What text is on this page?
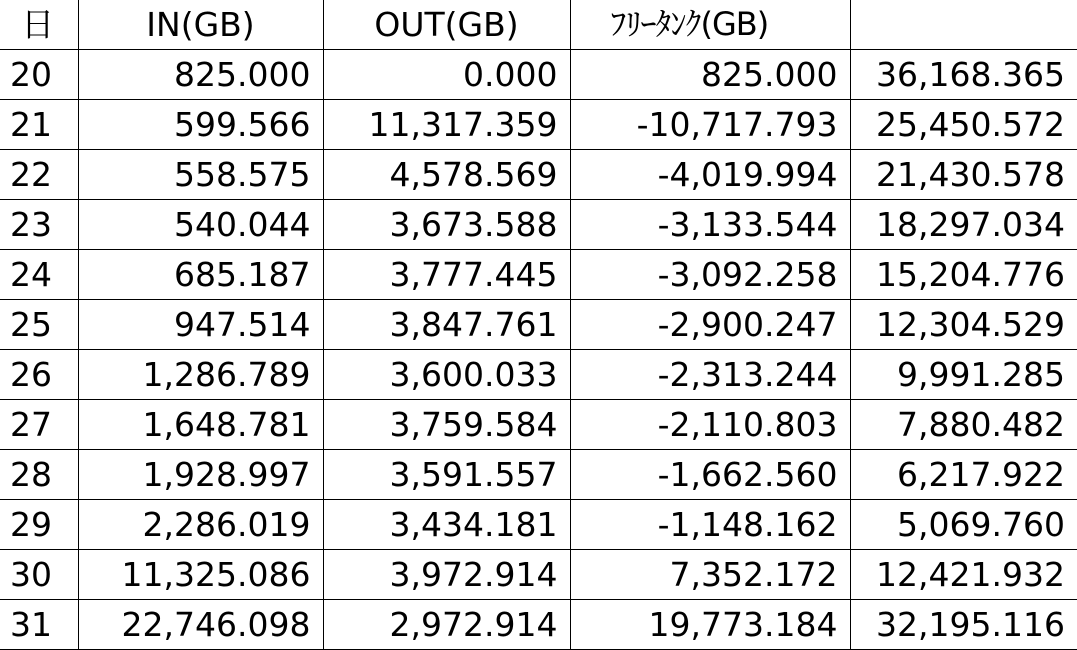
日	IN(GB)	OUT(GB)	ﾌﾘｰﾀﾝｸ(GB)	
20	825.000	0.000	825.000	36,168.365
21	599.566	11,317.359	-10,717.793	25,450.572
22	558.575	4,578.569	-4,019.994	21,430.578
23	540.044	3,673.588	-3,133.544	18,297.034
24	685.187	3,777.445	-3,092.258	15,204.776
25	947.514	3,847.761	-2,900.247	12,304.529
26	1,286.789	3,600.033	-2,313.244	9,991.285
27	1,648.781	3,759.584	-2,110.803	7,880.482
28	1,928.997	3,591.557	-1,662.560	6,217.922
29	2,286.019	3,434.181	-1,148.162	5,069.760
30	11,325.086	3,972.914	7,352.172	12,421.932
31	22,746.098	2,972.914	19,773.184	32,195.116
